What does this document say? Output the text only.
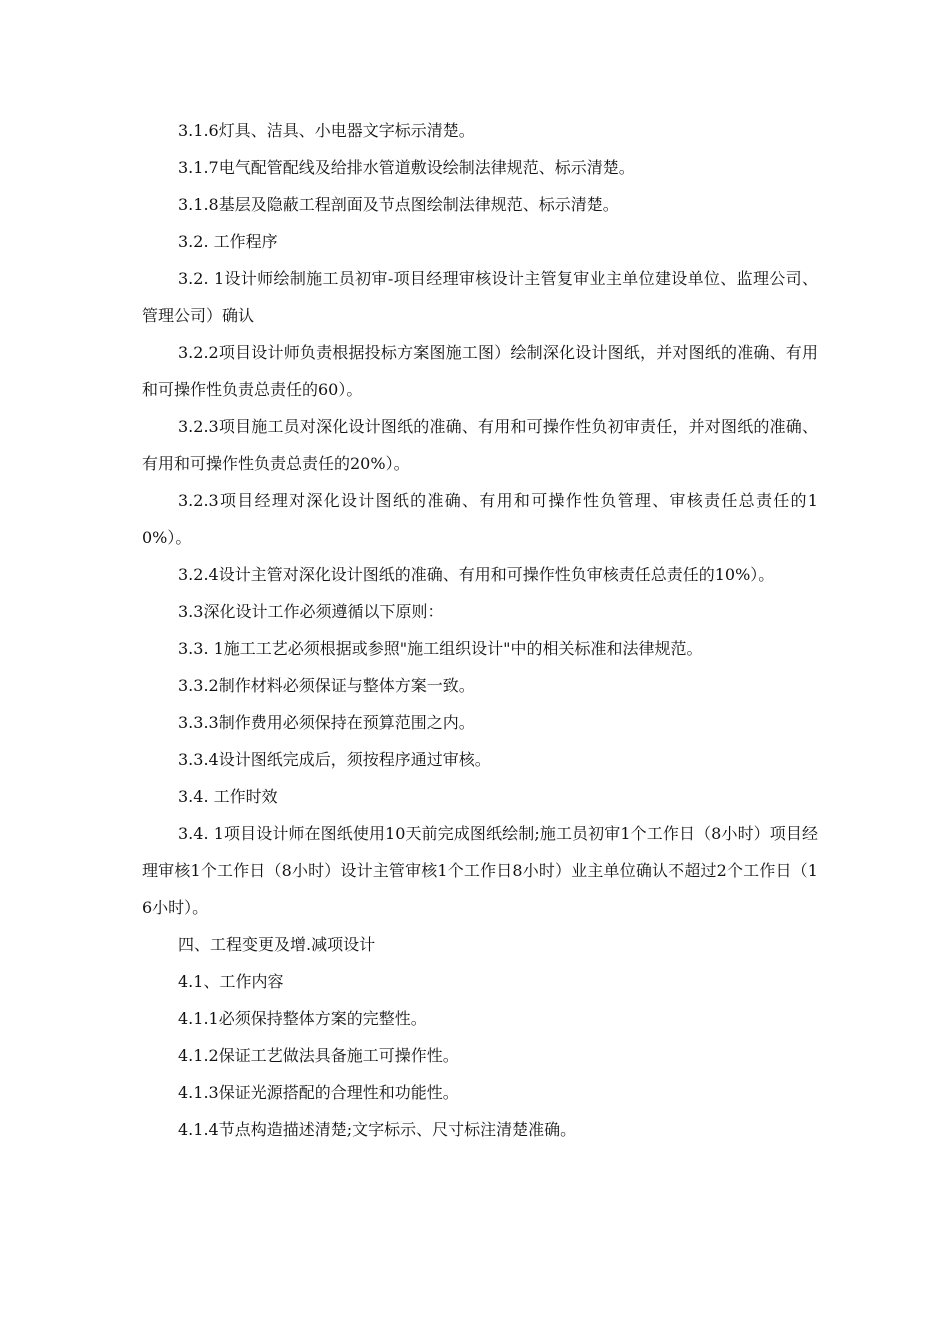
3.1.6灯具、洁具、小电器文字标示清楚。

3.1.7电气配管配线及给排水管道敷设绘制法律规范、标示清楚。

3.1.8基层及隐蔽工程剖面及节点图绘制法律规范、标示清楚。

3.2. 工作程序

3.2. 1设计师绘制施工员初审-项目经理审核设计主管复审业主单位建设单位、监理公司、管理公司）确认

3.2.2项目设计师负责根据投标方案图施工图）绘制深化设计图纸，并对图纸的准确、有用和可操作性负责总责任的60）。

3.2.3项目施工员对深化设计图纸的准确、有用和可操作性负初审责任，并对图纸的准确、有用和可操作性负责总责任的20%）。

3.2.3项目经理对深化设计图纸的准确、有用和可操作性负管理、审核责任总责任的10%）。

3.2.4设计主管对深化设计图纸的准确、有用和可操作性负审核责任总责任的10%）。

3.3深化设计工作必须遵循以下原则：

3.3. 1施工工艺必须根据或参照"施工组织设计"中的相关标准和法律规范。

3.3.2制作材料必须保证与整体方案一致。

3.3.3制作费用必须保持在预算范围之内。

3.3.4设计图纸完成后，须按程序通过审核。

3.4. 工作时效

3.4. 1项目设计师在图纸使用10天前完成图纸绘制;施工员初审1个工作日（8小时）项目经理审核1个工作日（8小时）设计主管审核1个工作日8小时）业主单位确认不超过2个工作日（16小时）。

四、工程变更及增.减项设计

4.1、工作内容

4.1.1必须保持整体方案的完整性。

4.1.2保证工艺做法具备施工可操作性。

4.1.3保证光源搭配的合理性和功能性。

4.1.4节点构造描述清楚;文字标示、尺寸标注清楚准确。
